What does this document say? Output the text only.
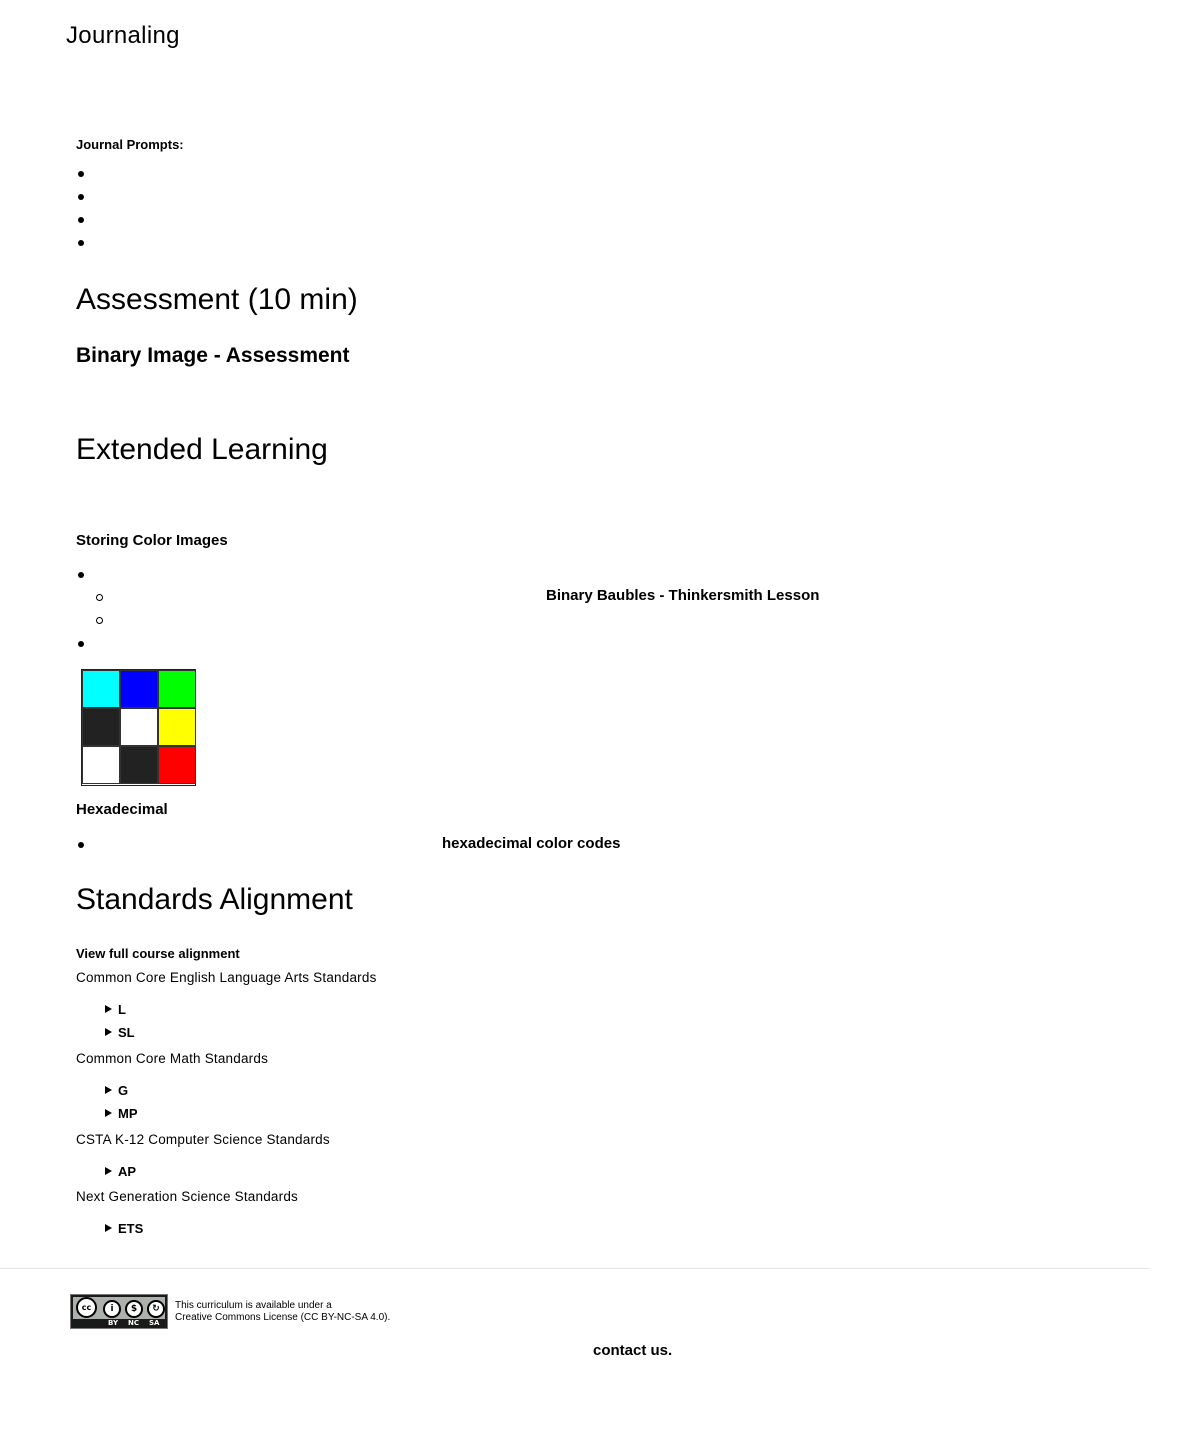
Journaling
Journal Prompts:
Assessment (10 min)
Binary Image - Assessment
Extended Learning
Storing Color Images
Binary Baubles - Thinkersmith Lesson
Hexadecimal
hexadecimal color codes
Standards Alignment
View full course alignment
Common Core English Language Arts Standards
L
SL
Common Core Math Standards
G
MP
CSTA K-12 Computer Science Standards
AP
Next Generation Science Standards
ETS
cc	i	$	↻
BY NC SA
This curriculum is available under a
Creative Commons License (CC BY-NC-SA 4.0).
contact us.
